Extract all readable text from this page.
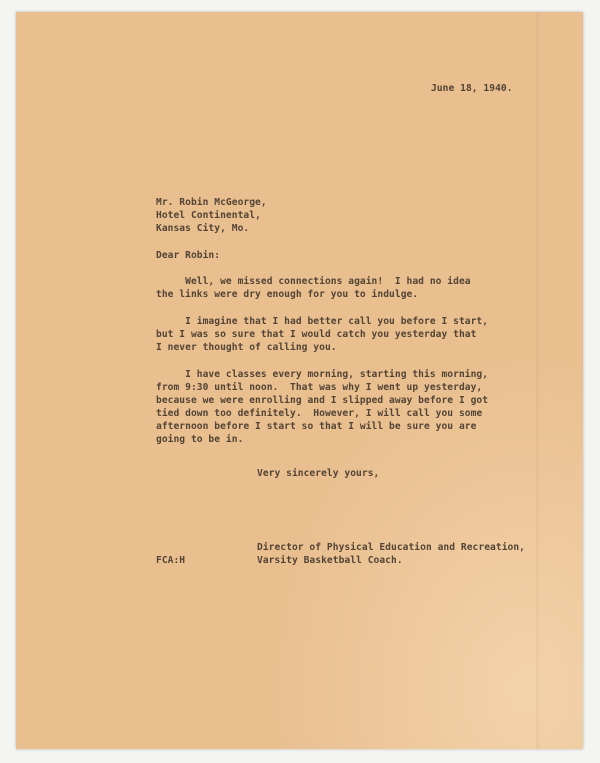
June 18, 1940.
Mr. Robin McGeorge,
Hotel Continental,
Kansas City, Mo.
Dear Robin:
Well, we missed connections again!  I had no idea
the links were dry enough for you to indulge.
I imagine that I had better call you before I start,
but I was so sure that I would catch you yesterday that
I never thought of calling you.
I have classes every morning, starting this morning,
from 9:30 until noon.  That was why I went up yesterday,
because we were enrolling and I slipped away before I got
tied down too definitely.  However, I will call you some
afternoon before I start so that I will be sure you are
going to be in.
Very sincerely yours,
Director of Physical Education and Recreation,
FCA:H	Varsity Basketball Coach.
